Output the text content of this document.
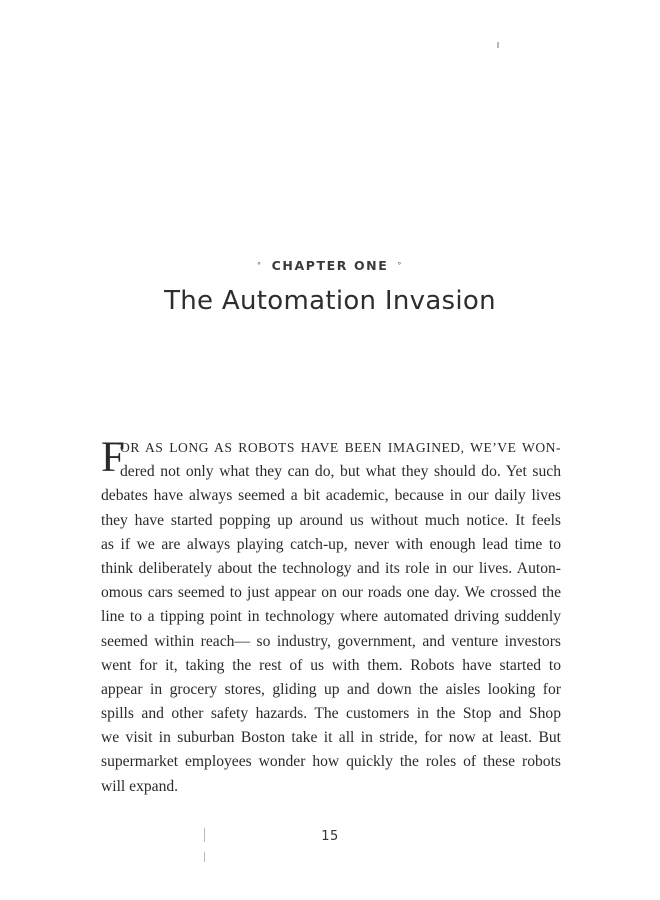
° CHAPTER ONE °
The Automation Invasion
F
OR AS LONG AS ROBOTS HAVE BEEN IMAGINED, WE’VE WON-
dered not only what they can do, but what they should do. Yet such
debates have always seemed a bit academic, because in our daily lives
they have started popping up around us without much notice. It feels
as if we are always playing catch-up, never with enough lead time to
think deliberately about the technology and its role in our lives. Auton-
omous cars seemed to just appear on our roads one day. We crossed the
line to a tipping point in technology where automated driving suddenly
seemed within reach— so industry, government, and venture investors
went for it, taking the rest of us with them. Robots have started to
appear in grocery stores, gliding up and down the aisles looking for
spills and other safety hazards. The customers in the Stop and Shop
we visit in suburban Boston take it all in stride, for now at least. But
supermarket employees wonder how quickly the roles of these robots
will expand.
15
